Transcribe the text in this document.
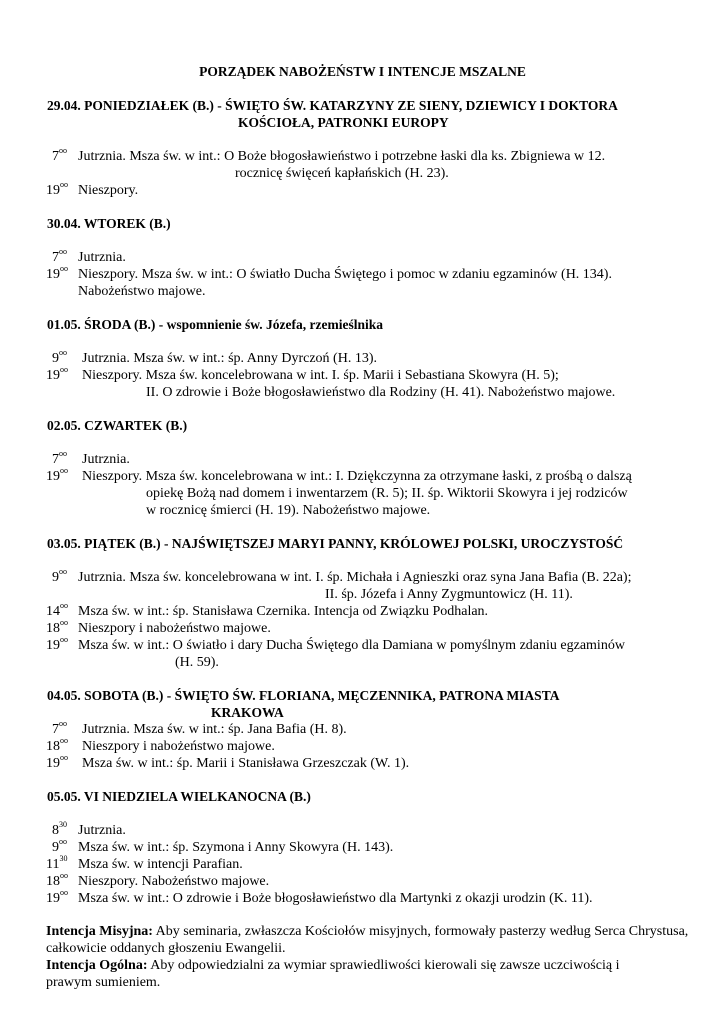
PORZĄDEK NABOŻEŃSTW I INTENCJE MSZALNE
29.04. PONIEDZIAŁEK (B.) - ŚWIĘTO ŚW. KATARZYNY ZE SIENY, DZIEWICY I DOKTORA
KOŚCIOŁA, PATRONKI EUROPY
$7^{oo}$ Jutrznia. Msza św. w int.: O Boże błogosławieństwo i potrzebne łaski dla ks. Zbigniewa w 12.
rocznicę święceń kapłańskich (H. 23).
$19^{oo}$ Nieszpory.
30.04. WTOREK (B.)
$7^{oo}$ Jutrznia.
$19^{oo}$ Nieszpory. Msza św. w int.: O światło Ducha Świętego i pomoc w zdaniu egzaminów (H. 134).
Nabożeństwo majowe.
01.05. ŚRODA (B.) - wspomnienie św. Józefa, rzemieślnika
$9^{oo}$ Jutrznia. Msza św. w int.: śp. Anny Dyrczoń (H. 13).
$19^{oo}$ Nieszpory. Msza św. koncelebrowana w int. I. śp. Marii i Sebastiana Skowyra (H. 5);
II. O zdrowie i Boże błogosławieństwo dla Rodziny (H. 41). Nabożeństwo majowe.
02.05. CZWARTEK (B.)
$7^{oo}$ Jutrznia.
$19^{oo}$ Nieszpory. Msza św. koncelebrowana w int.: I. Dziękczynna za otrzymane łaski, z prośbą o dalszą
opiekę Bożą nad domem i inwentarzem (R. 5); II. śp. Wiktorii Skowyra i jej rodziców
w rocznicę śmierci (H. 19). Nabożeństwo majowe.
03.05. PIĄTEK (B.) - NAJŚWIĘTSZEJ MARYI PANNY, KRÓLOWEJ POLSKI, UROCZYSTOŚĆ
$9^{oo}$ Jutrznia. Msza św. koncelebrowana w int. I. śp. Michała i Agnieszki oraz syna Jana Bafia (B. 22a);
II. śp. Józefa i Anny Zygmuntowicz (H. 11).
$14^{oo}$ Msza św. w int.: śp. Stanisława Czernika. Intencja od Związku Podhalan.
$18^{oo}$ Nieszpory i nabożeństwo majowe.
$19^{oo}$ Msza św. w int.: O światło i dary Ducha Świętego dla Damiana w pomyślnym zdaniu egzaminów
(H. 59).
04.05. SOBOTA (B.) - ŚWIĘTO ŚW. FLORIANA, MĘCZENNIKA, PATRONA MIASTA
KRAKOWA
$7^{oo}$ Jutrznia. Msza św. w int.: śp. Jana Bafia (H. 8).
$18^{oo}$ Nieszpory i nabożeństwo majowe.
$19^{oo}$ Msza św. w int.: śp. Marii i Stanisława Grzeszczak (W. 1).
05.05. VI NIEDZIELA WIELKANOCNA (B.)
$8^{30}$ Jutrznia.
$9^{oo}$ Msza św. w int.: śp. Szymona i Anny Skowyra (H. 143).
$11^{30}$ Msza św. w intencji Parafian.
$18^{oo}$ Nieszpory. Nabożeństwo majowe.
$19^{oo}$ Msza św. w int.: O zdrowie i Boże błogosławieństwo dla Martynki z okazji urodzin (K. 11).
Intencja Misyjna: Aby seminaria, zwłaszcza Kościołów misyjnych, formowały pasterzy według Serca Chrystusa,
całkowicie oddanych głoszeniu Ewangelii.
Intencja Ogólna: Aby odpowiedzialni za wymiar sprawiedliwości kierowali się zawsze uczciwością i
prawym sumieniem.
